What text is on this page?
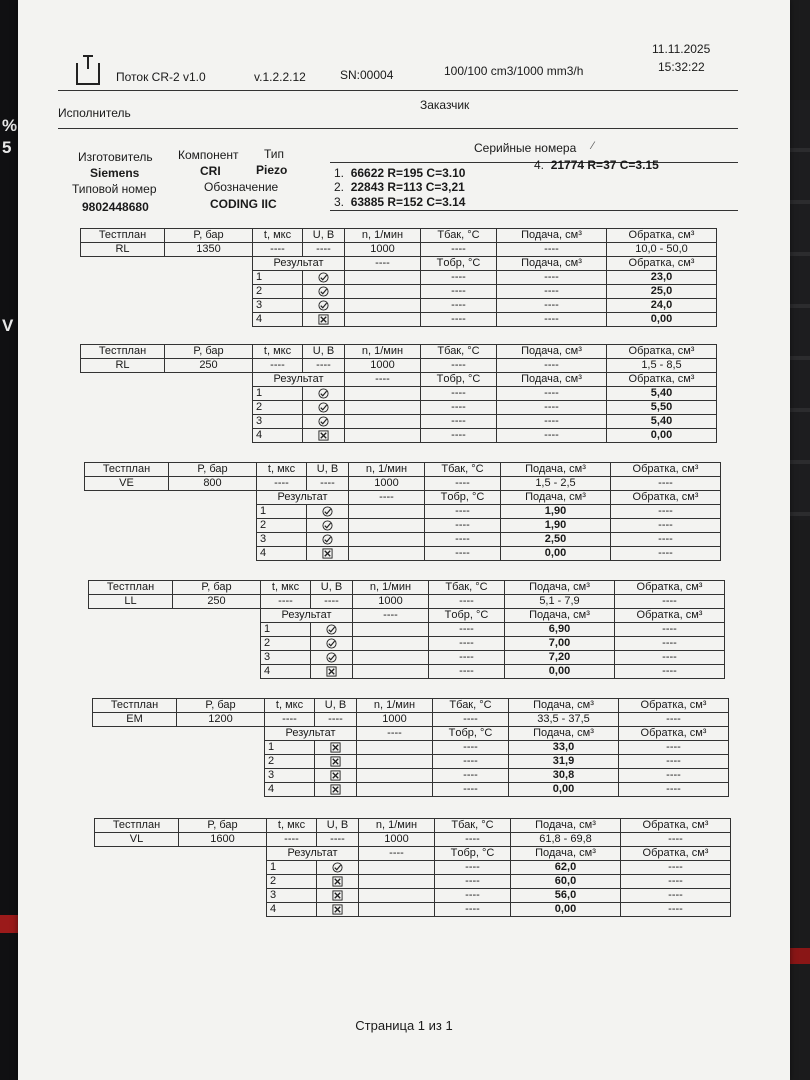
%
5
V
Поток CR-2 v1.0	v.1.2.2.12	SN:00004	100/100 cm3/1000 mm3/h
11.11.2025
15:32:22
Исполнитель
Заказчик
Изготовитель Компонент Тип
Siemens	CRI	Piezo
Типовой номер	Обозначение
9802448680	CODING IIC
Серийные номера ⁄
1. 66622 R=195 C=3.10
2. 22843 R=113 C=3,21
3. 63885 R=152 C=3.14
4. 21774 R=37 C=3.15
Тестплан	P, бар	t, мкс	U, B	n, 1/мин	Tбак, °C	Подача, см³	Обратка, см³
RL	1350	----	----	1000	----	----	10,0 - 50,0
		Результат		----	Tобр, °C	Подача, см³	Обратка, см³
		1			----	----	23,0
		2			----	----	25,0
		3			----	----	24,0
		4			----	----	0,00
Тестплан	P, бар	t, мкс	U, B	n, 1/мин	Tбак, °C	Подача, см³	Обратка, см³
RL	250	----	----	1000	----	----	1,5 - 8,5
		Результат		----	Tобр, °C	Подача, см³	Обратка, см³
		1			----	----	5,40
		2			----	----	5,50
		3			----	----	5,40
		4			----	----	0,00
Тестплан	P, бар	t, мкс	U, B	n, 1/мин	Tбак, °C	Подача, см³	Обратка, см³
VE	800	----	----	1000	----	1,5 - 2,5	----
		Результат		----	Tобр, °C	Подача, см³	Обратка, см³
		1			----	1,90	----
		2			----	1,90	----
		3			----	2,50	----
		4			----	0,00	----
Тестплан	P, бар	t, мкс	U, B	n, 1/мин	Tбак, °C	Подача, см³	Обратка, см³
LL	250	----	----	1000	----	5,1 - 7,9	----
		Результат		----	Tобр, °C	Подача, см³	Обратка, см³
		1			----	6,90	----
		2			----	7,00	----
		3			----	7,20	----
		4			----	0,00	----
Тестплан	P, бар	t, мкс	U, B	n, 1/мин	Tбак, °C	Подача, см³	Обратка, см³
EM	1200	----	----	1000	----	33,5 - 37,5	----
		Результат		----	Tобр, °C	Подача, см³	Обратка, см³
		1			----	33,0	----
		2			----	31,9	----
		3			----	30,8	----
		4			----	0,00	----
Тестплан	P, бар	t, мкс	U, B	n, 1/мин	Tбак, °C	Подача, см³	Обратка, см³
VL	1600	----	----	1000	----	61,8 - 69,8	----
		Результат		----	Tобр, °C	Подача, см³	Обратка, см³
		1			----	62,0	----
		2			----	60,0	----
		3			----	56,0	----
		4			----	0,00	----
Страница 1 из 1
